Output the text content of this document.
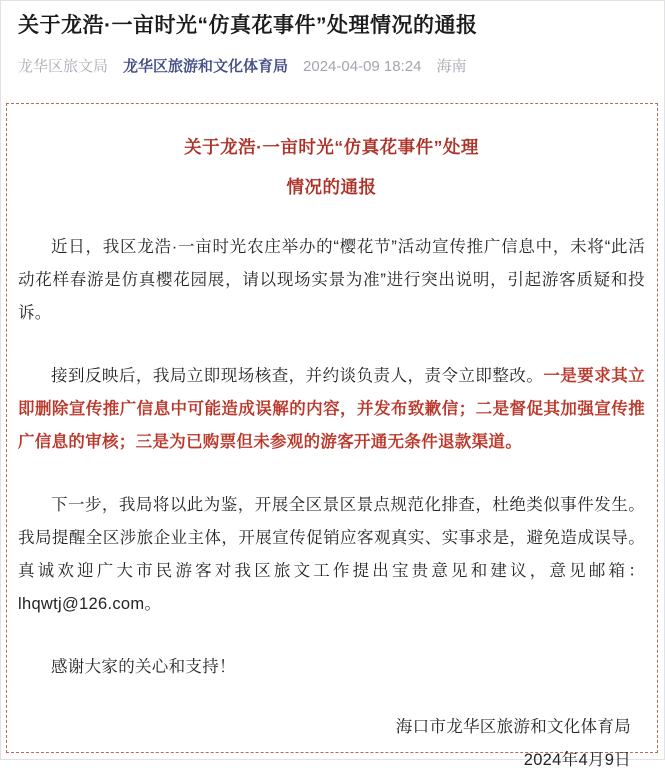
关于龙浩·一亩时光“仿真花事件”处理情况的通报
龙华区旅文局 龙华区旅游和文化体育局 2024-04-09 18:24 海南
关于龙浩·一亩时光“仿真花事件”处理
情况的通报

近日，我区龙浩·一亩时光农庄举办的“樱花节”活动宣传推广信息中，未将“此活动花样春游是仿真樱花园展，请以现场实景为准”进行突出说明，引起游客质疑和投诉。

接到反映后，我局立即现场核查，并约谈负责人，责令立即整改。一是要求其立即删除宣传推广信息中可能造成误解的内容，并发布致歉信；二是督促其加强宣传推广信息的审核；三是为已购票但未参观的游客开通无条件退款渠道。

下一步，我局将以此为鉴，开展全区景区景点规范化排查，杜绝类似事件发生。我局提醒全区涉旅企业主体，开展宣传促销应客观真实、实事求是，避免造成误导。真诚欢迎广大市民游客对我区旅文工作提出宝贵意见和建议，意见邮箱：lhqwtj@126.com。

感谢大家的关心和支持！

海口市龙华区旅游和文化体育局
2024年4月9日
